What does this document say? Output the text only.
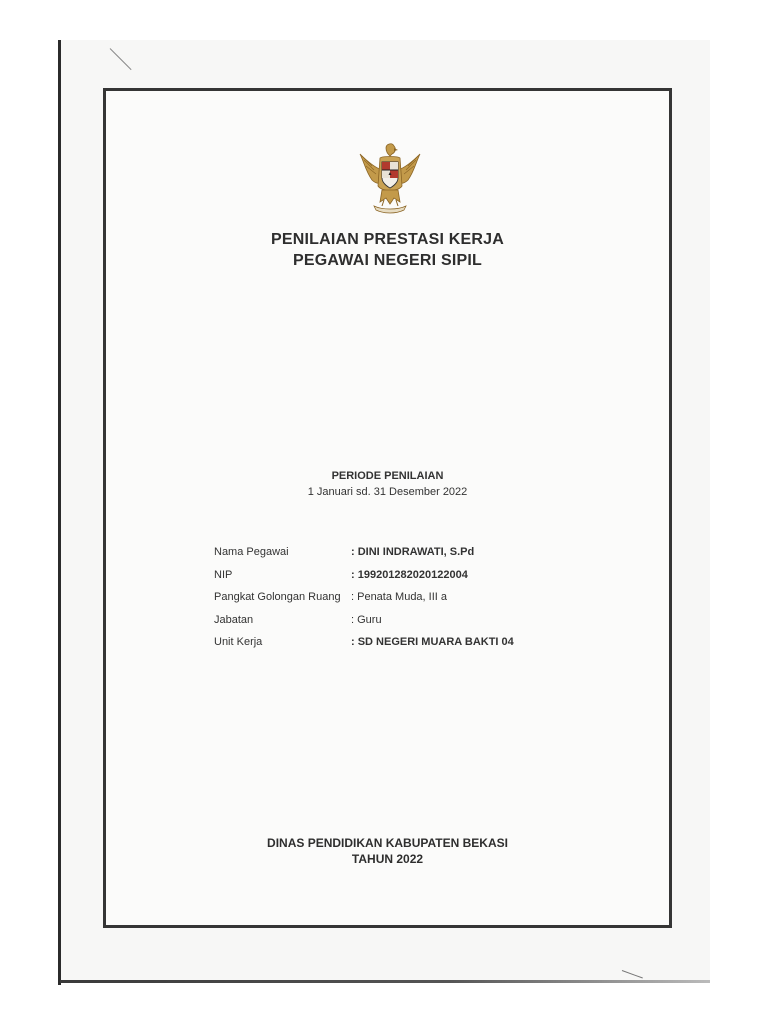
PENILAIAN PRESTASI KERJA
PEGAWAI NEGERI SIPIL
PERIODE PENILAIAN
1 Januari sd. 31 Desember 2022
Nama Pegawai	: DINI INDRAWATI, S.Pd
NIP	: 199201282020122004
Pangkat Golongan Ruang : Penata Muda, III a
Jabatan	: Guru
Unit Kerja	: SD NEGERI MUARA BAKTI 04
DINAS PENDIDIKAN KABUPATEN BEKASI
TAHUN 2022
